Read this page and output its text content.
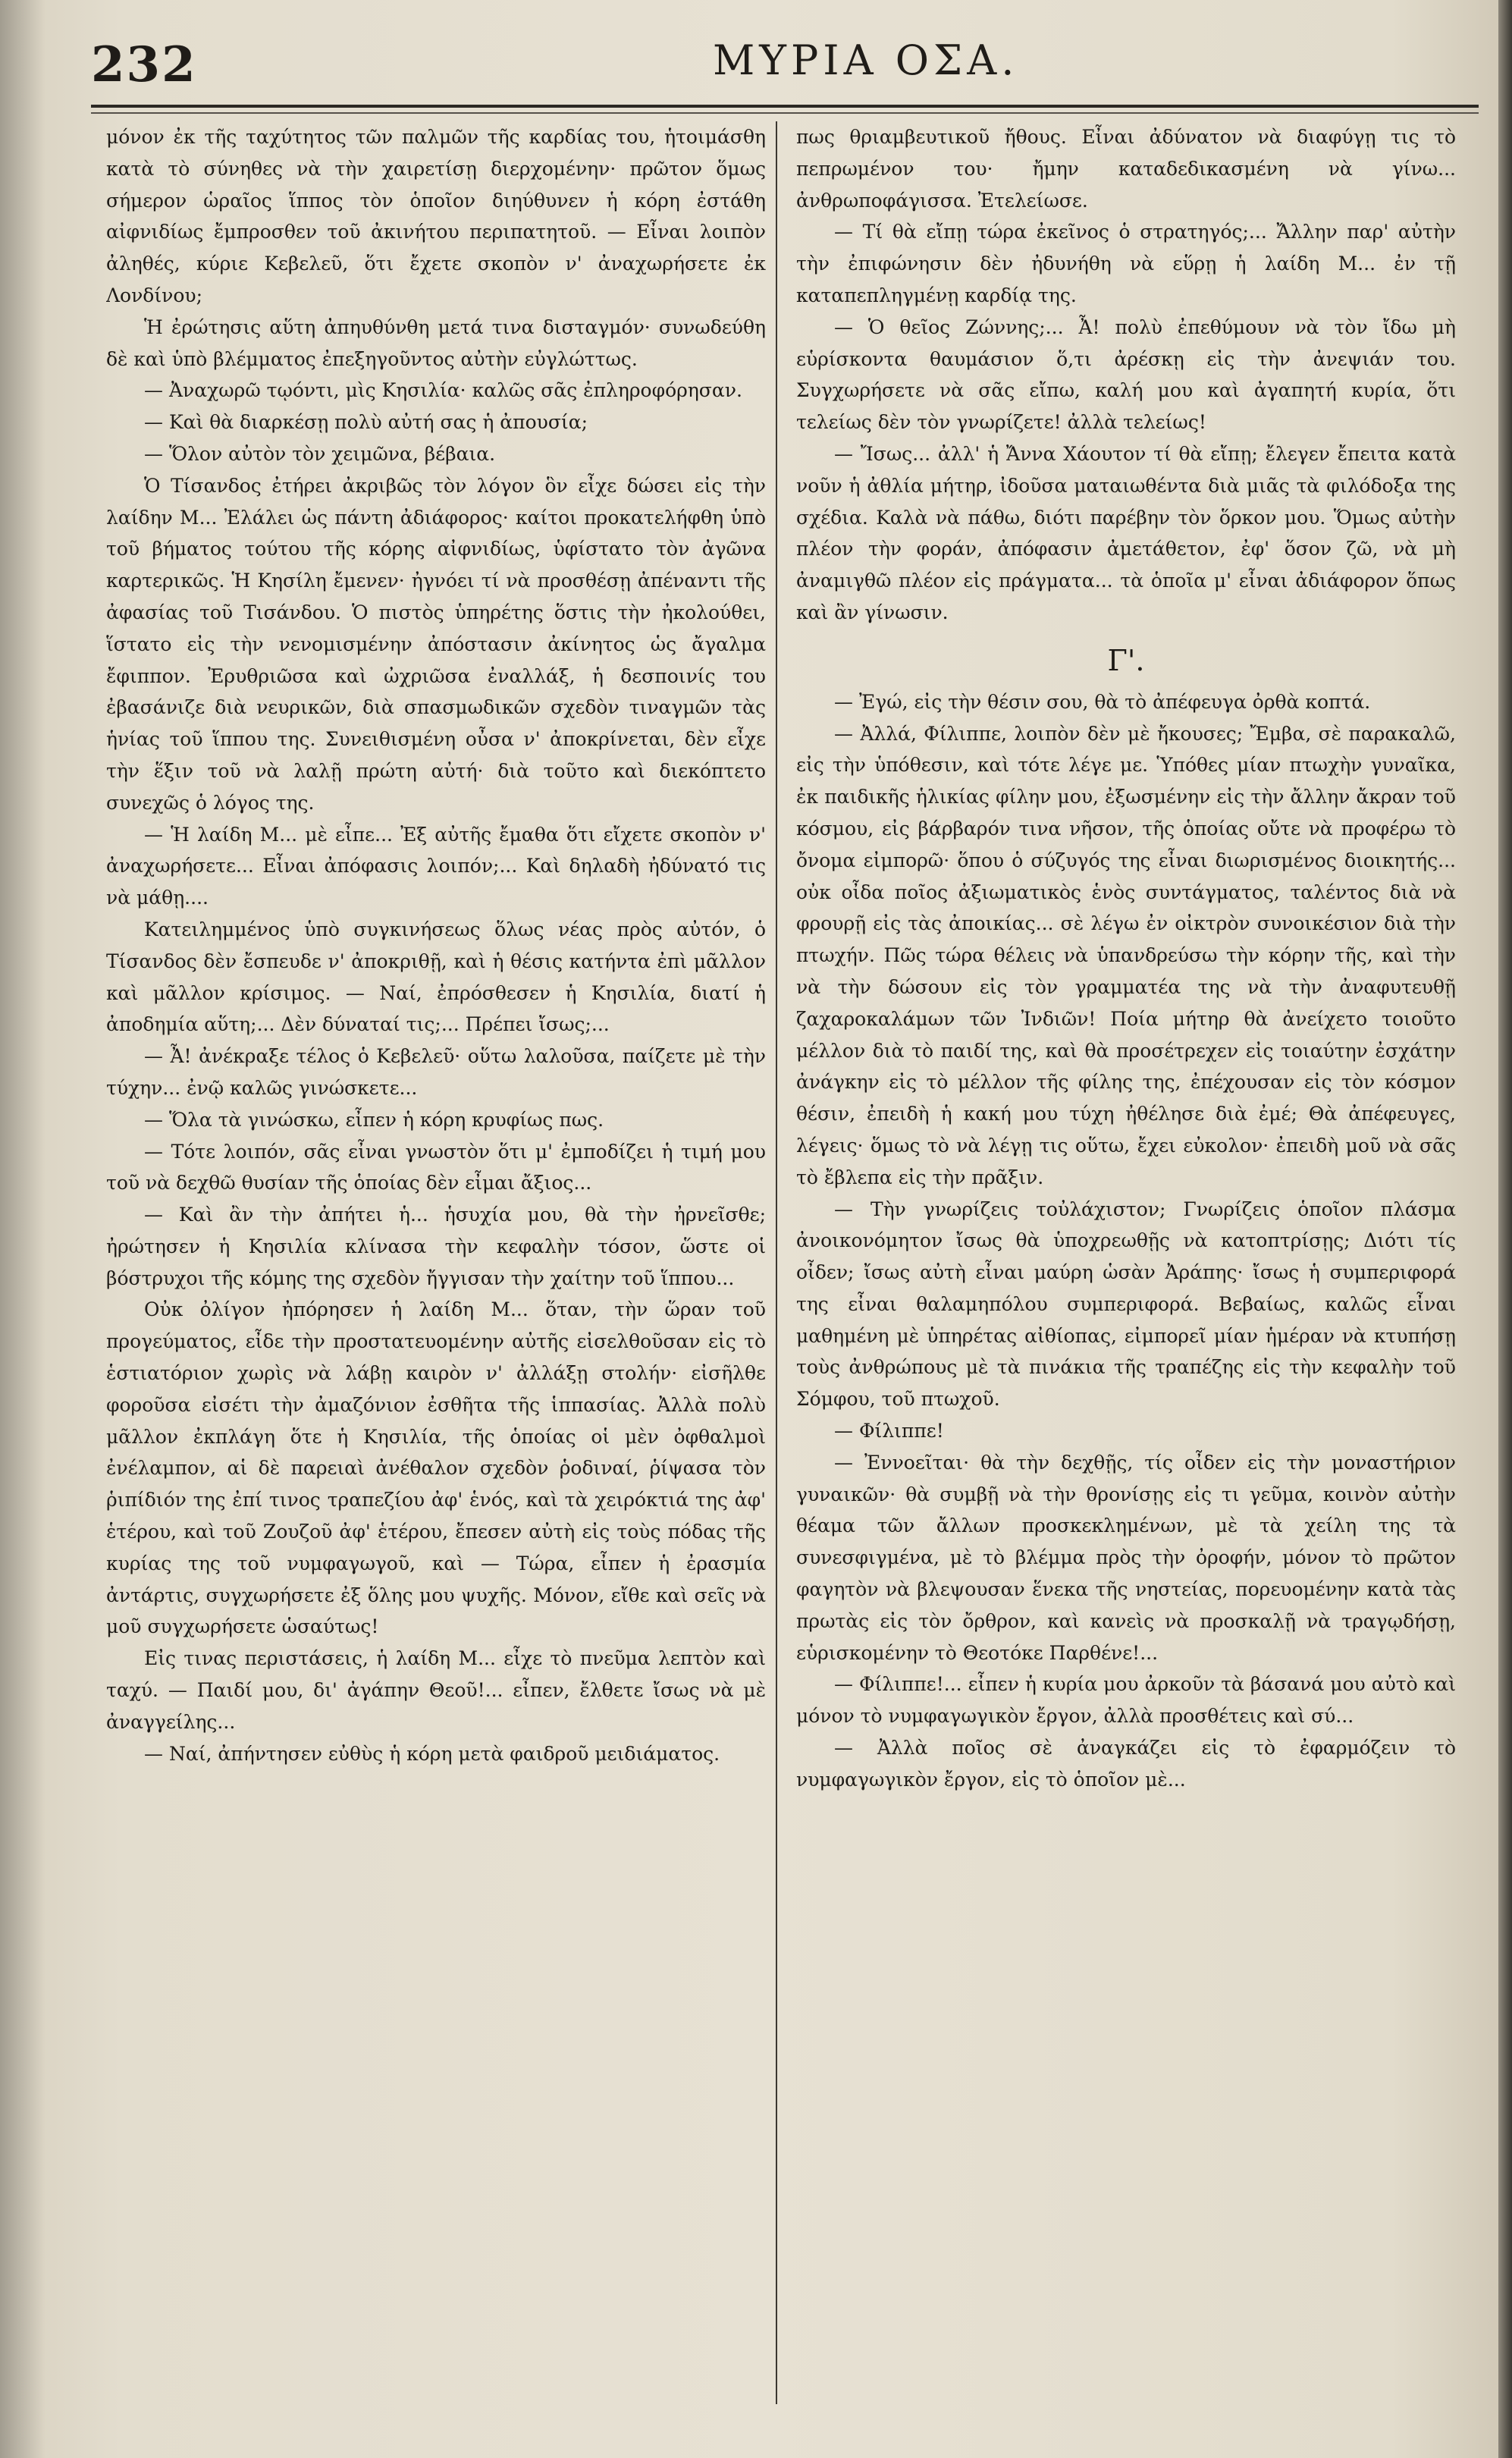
232	ΜΥΡΙΑ ΟΣΑ.

μόνον ἐκ τῆς ταχύτητος τῶν παλμῶν τῆς καρδίας του, ἡτοιμάσθη κατὰ τὸ σύνηθες νὰ τὴν χαιρετίσῃ διερχομένην· πρῶτον ὅμως σήμερον ὡραῖος ἵππος τὸν ὁποῖον διηύθυνεν ἡ κόρη ἐστάθη αἰφνιδίως ἔμπροσθεν τοῦ ἀκινήτου περιπατητοῦ. — Εἶναι λοιπὸν ἀληθές, κύριε Κεβελεῦ, ὅτι ἔχετε σκοπὸν ν' ἀναχωρήσετε ἐκ Λονδίνου;

Ἡ ἐρώτησις αὕτη ἀπηυθύνθη μετά τινα δισταγμόν· συνωδεύθη δὲ καὶ ὑπὸ βλέμματος ἐπεξηγοῦντος αὐτὴν εὐγλώττως.

— Ἀναχωρῶ τῳόντι, μὶς Κησιλία· καλῶς σᾶς ἐπληροφόρησαν.

— Καὶ θὰ διαρκέσῃ πολὺ αὐτή σας ἡ ἀπουσία;

— Ὅλον αὐτὸν τὸν χειμῶνα, βέβαια.

Ὁ Τίσανδος ἐτήρει ἀκριβῶς τὸν λόγον ὃν εἶχε δώσει εἰς τὴν λαίδην Μ... Ἐλάλει ὡς πάντη ἀδιάφορος· καίτοι προκατελήφθη ὑπὸ τοῦ βήματος τούτου τῆς κόρης αἰφνιδίως, ὑφίστατο τὸν ἀγῶνα καρτερικῶς. Ἡ Κησίλη ἔμενεν· ἠγνόει τί νὰ προσθέσῃ ἀπέναντι τῆς ἀφασίας τοῦ Τισάνδου. Ὁ πιστὸς ὑπηρέτης ὅστις τὴν ἠκολούθει, ἵστατο εἰς τὴν νενομισμένην ἀπόστασιν ἀκίνητος ὡς ἄγαλμα ἔφιππον. Ἐρυθριῶσα καὶ ὠχριῶσα ἐναλλάξ, ἡ δεσποινίς του ἐβασάνιζε διὰ νευρικῶν, διὰ σπασμωδικῶν σχεδὸν τιναγμῶν τὰς ἡνίας τοῦ ἵππου της. Συνειθισμένη οὖσα ν' ἀποκρίνεται, δὲν εἶχε τὴν ἕξιν τοῦ νὰ λαλῇ πρώτη αὐτή· διὰ τοῦτο καὶ διεκόπτετο συνεχῶς ὁ λόγος της.

— Ἡ λαίδη Μ... μὲ εἶπε... Ἐξ αὐτῆς ἔμαθα ὅτι εἴχετε σκοπὸν ν' ἀναχωρήσετε... Εἶναι ἀπόφασις λοιπόν;... Καὶ δηλαδὴ ἠδύνατό τις νὰ μάθῃ....

Κατειλημμένος ὑπὸ συγκινήσεως ὅλως νέας πρὸς αὐτόν, ὁ Τίσανδος δὲν ἔσπευδε ν' ἀποκριθῇ, καὶ ἡ θέσις κατήντα ἐπὶ μᾶλλον καὶ μᾶλλον κρίσιμος. — Ναί, ἐπρόσθεσεν ἡ Κησιλία, διατί ἡ ἀποδημία αὕτη;... Δὲν δύναταί τις;... Πρέπει ἴσως;...

— Ἆ! ἀνέκραξε τέλος ὁ Κεβελεῦ· οὕτω λαλοῦσα, παίζετε μὲ τὴν τύχην... ἐνῷ καλῶς γινώσκετε...

— Ὅλα τὰ γινώσκω, εἶπεν ἡ κόρη κρυφίως πως.

— Τότε λοιπόν, σᾶς εἶναι γνωστὸν ὅτι μ' ἐμποδίζει ἡ τιμή μου τοῦ νὰ δεχθῶ θυσίαν τῆς ὁποίας δὲν εἶμαι ἄξιος...

— Καὶ ἂν τὴν ἀπήτει ἡ... ἡσυχία μου, θὰ τὴν ἠρνεῖσθε; ἠρώτησεν ἡ Κησιλία κλίνασα τὴν κεφαλὴν τόσον, ὥστε οἱ βόστρυχοι τῆς κόμης της σχεδὸν ἤγγισαν τὴν χαίτην τοῦ ἵππου...

Οὐκ ὀλίγον ἠπόρησεν ἡ λαίδη Μ... ὅταν, τὴν ὥραν τοῦ προγεύματος, εἶδε τὴν προστατευομένην αὐτῆς εἰσελθοῦσαν εἰς τὸ ἑστιατόριον χωρὶς νὰ λάβῃ καιρὸν ν' ἀλλάξῃ στολήν· εἰσῆλθε φοροῦσα εἰσέτι τὴν ἀμαζόνιον ἐσθῆτα τῆς ἱππασίας. Ἀλλὰ πολὺ μᾶλλον ἐκπλάγη ὅτε ἡ Κησιλία, τῆς ὁποίας οἱ μὲν ὀφθαλμοὶ ἐνέλαμπον, αἱ δὲ παρειαὶ ἀνέθαλον σχεδὸν ῥοδιναί, ῥίψασα τὸν ῥιπίδιόν της ἐπί τινος τραπεζίου ἀφ' ἑνός, καὶ τὰ χειρόκτιά της ἀφ' ἑτέρου, καὶ τοῦ Ζουζοῦ ἀφ' ἑτέρου, ἔπεσεν αὐτὴ εἰς τοὺς πόδας τῆς κυρίας της τοῦ νυμφαγωγοῦ, καὶ — Τώρα, εἶπεν ἡ ἐρασμία ἀντάρτις, συγχωρήσετε ἐξ ὅλης μου ψυχῆς. Μόνον, εἴθε καὶ σεῖς νὰ μοῦ συγχωρήσετε ὡσαύτως!

Εἰς τινας περιστάσεις, ἡ λαίδη Μ... εἶχε τὸ πνεῦμα λεπτὸν καὶ ταχύ. — Παιδί μου, δι' ἀγάπην Θεοῦ!... εἶπεν, ἔλθετε ἴσως νὰ μὲ ἀναγγείλης...

— Ναί, ἀπήντησεν εὐθὺς ἡ κόρη μετὰ φαιδροῦ μειδιάματος.

πως θριαμβευτικοῦ ἤθους. Εἶναι ἀδύνατον νὰ διαφύγῃ τις τὸ πεπρωμένον του· ἤμην καταδεδικασμένη νὰ γίνω... ἀνθρωποφάγισσα. Ἐτελείωσε.

— Τί θὰ εἴπῃ τώρα ἐκεῖνος ὁ στρατηγός;... Ἄλλην παρ' αὐτὴν τὴν ἐπιφώνησιν δὲν ἠδυνήθη νὰ εὕρῃ ἡ λαίδη Μ... ἐν τῇ καταπεπληγμένῃ καρδίᾳ της.

— Ὁ θεῖος Ζώννης;... Ἆ! πολὺ ἐπεθύμουν νὰ τὸν ἴδω μὴ εὑρίσκοντα θαυμάσιον ὅ,τι ἀρέσκῃ εἰς τὴν ἀνεψιάν του. Συγχωρήσετε νὰ σᾶς εἴπω, καλή μου καὶ ἀγαπητή κυρία, ὅτι τελείως δὲν τὸν γνωρίζετε! ἀλλὰ τελείως!

— Ἴσως... ἀλλ' ἡ Ἄννα Χάουτον τί θὰ εἴπῃ; ἔλεγεν ἔπειτα κατὰ νοῦν ἡ ἀθλία μήτηρ, ἰδοῦσα ματαιωθέντα διὰ μιᾶς τὰ φιλόδοξα της σχέδια. Καλὰ νὰ πάθω, διότι παρέβην τὸν ὅρκον μου. Ὅμως αὐτὴν πλέον τὴν φοράν, ἀπόφασιν ἀμετάθετον, ἐφ' ὅσον ζῶ, νὰ μὴ ἀναμιγθῶ πλέον εἰς πράγματα... τὰ ὁποῖα μ' εἶναι ἀδιάφορον ὅπως καὶ ἂν γίνωσιν.

Γ'.

— Ἐγώ, εἰς τὴν θέσιν σου, θὰ τὸ ἀπέφευγα ὀρθὰ κοπτά.

— Ἀλλά, Φίλιππε, λοιπὸν δὲν μὲ ἤκουσες; Ἔμβα, σὲ παρακαλῶ, εἰς τὴν ὑπόθεσιν, καὶ τότε λέγε με. Ὑπόθες μίαν πτωχὴν γυναῖκα, ἐκ παιδικῆς ἡλικίας φίλην μου, ἐξωσμένην εἰς τὴν ἄλλην ἄκραν τοῦ κόσμου, εἰς βάρβαρόν τινα νῆσον, τῆς ὁποίας οὔτε νὰ προφέρω τὸ ὄνομα εἰμπορῶ· ὅπου ὁ σύζυγός της εἶναι διωρισμένος διοικητής... οὐκ οἶδα ποῖος ἀξιωματικὸς ἑνὸς συντάγματος, ταλέντος διὰ νὰ φρουρῇ εἰς τὰς ἀποικίας... σὲ λέγω ἐν οἰκτρὸν συνοικέσιον διὰ τὴν πτωχήν. Πῶς τώρα θέλεις νὰ ὑπανδρεύσω τὴν κόρην τῆς, καὶ τὴν νὰ τὴν δώσουν εἰς τὸν γραμματέα της νὰ τὴν ἀναφυτευθῇ ζαχαροκαλάμων τῶν Ἰνδιῶν! Ποία μήτηρ θὰ ἀνείχετο τοιοῦτο μέλλον διὰ τὸ παιδί της, καὶ θὰ προσέτρεχεν εἰς τοιαύτην ἐσχάτην ἀνάγκην εἰς τὸ μέλλον τῆς φίλης της, ἐπέχουσαν εἰς τὸν κόσμον θέσιν, ἐπειδὴ ἡ κακή μου τύχη ἠθέλησε διὰ ἐμέ; Θὰ ἀπέφευγες, λέγεις· ὅμως τὸ νὰ λέγῃ τις οὕτω, ἔχει εὐκολον· ἐπειδὴ μοῦ νὰ σᾶς τὸ ἔβλεπα εἰς τὴν πρᾶξιν.

— Τὴν γνωρίζεις τοὐλάχιστον; Γνωρίζεις ὁποῖον πλάσμα ἀνοικονόμητον ἴσως θὰ ὑποχρεωθῇς νὰ κατοπτρίσῃς; Διότι τίς οἶδεν; ἴσως αὐτὴ εἶναι μαύρη ὡσὰν Ἀράπης· ἴσως ἡ συμπεριφορά της εἶναι θαλαμηπόλου συμπεριφορά. Βεβαίως, καλῶς εἶναι μαθημένη μὲ ὑπηρέτας αἰθίοπας, εἰμπορεῖ μίαν ἡμέραν νὰ κτυπήσῃ τοὺς ἀνθρώπους μὲ τὰ πινάκια τῆς τραπέζης εἰς τὴν κεφαλὴν τοῦ Σόμφου, τοῦ πτωχοῦ.

— Φίλιππε!

— Ἐννοεῖται· θὰ τὴν δεχθῇς, τίς οἶδεν εἰς τὴν μοναστήριον γυναικῶν· θὰ συμβῇ νὰ τὴν θρονίσῃς εἰς τι γεῦμα, κοινὸν αὐτὴν θέαμα τῶν ἄλλων προσκεκλημένων, μὲ τὰ χείλη της τὰ συνεσφιγμένα, μὲ τὸ βλέμμα πρὸς τὴν ὀροφήν, μόνον τὸ πρῶτον φαγητὸν νὰ βλεψουσαν ἕνεκα τῆς νηστείας, πορευομένην κατὰ τὰς πρωτὰς εἰς τὸν ὄρθρον, καὶ κανεὶς νὰ προσκαλῇ νὰ τραγῳδήσῃ, εὑρισκομένην τὸ Θεοτόκε Παρθένε!...

— Φίλιππε!... εἶπεν ἡ κυρία μου ἀρκοῦν τὰ βάσανά μου αὐτὸ καὶ μόνον τὸ νυμφαγωγικὸν ἔργον, ἀλλὰ προσθέτεις καὶ σύ...

— Ἀλλὰ ποῖος σὲ ἀναγκάζει εἰς τὸ ἐφαρμόζειν τὸ νυμφαγωγικὸν ἔργον, εἰς τὸ ὁποῖον μὲ...
